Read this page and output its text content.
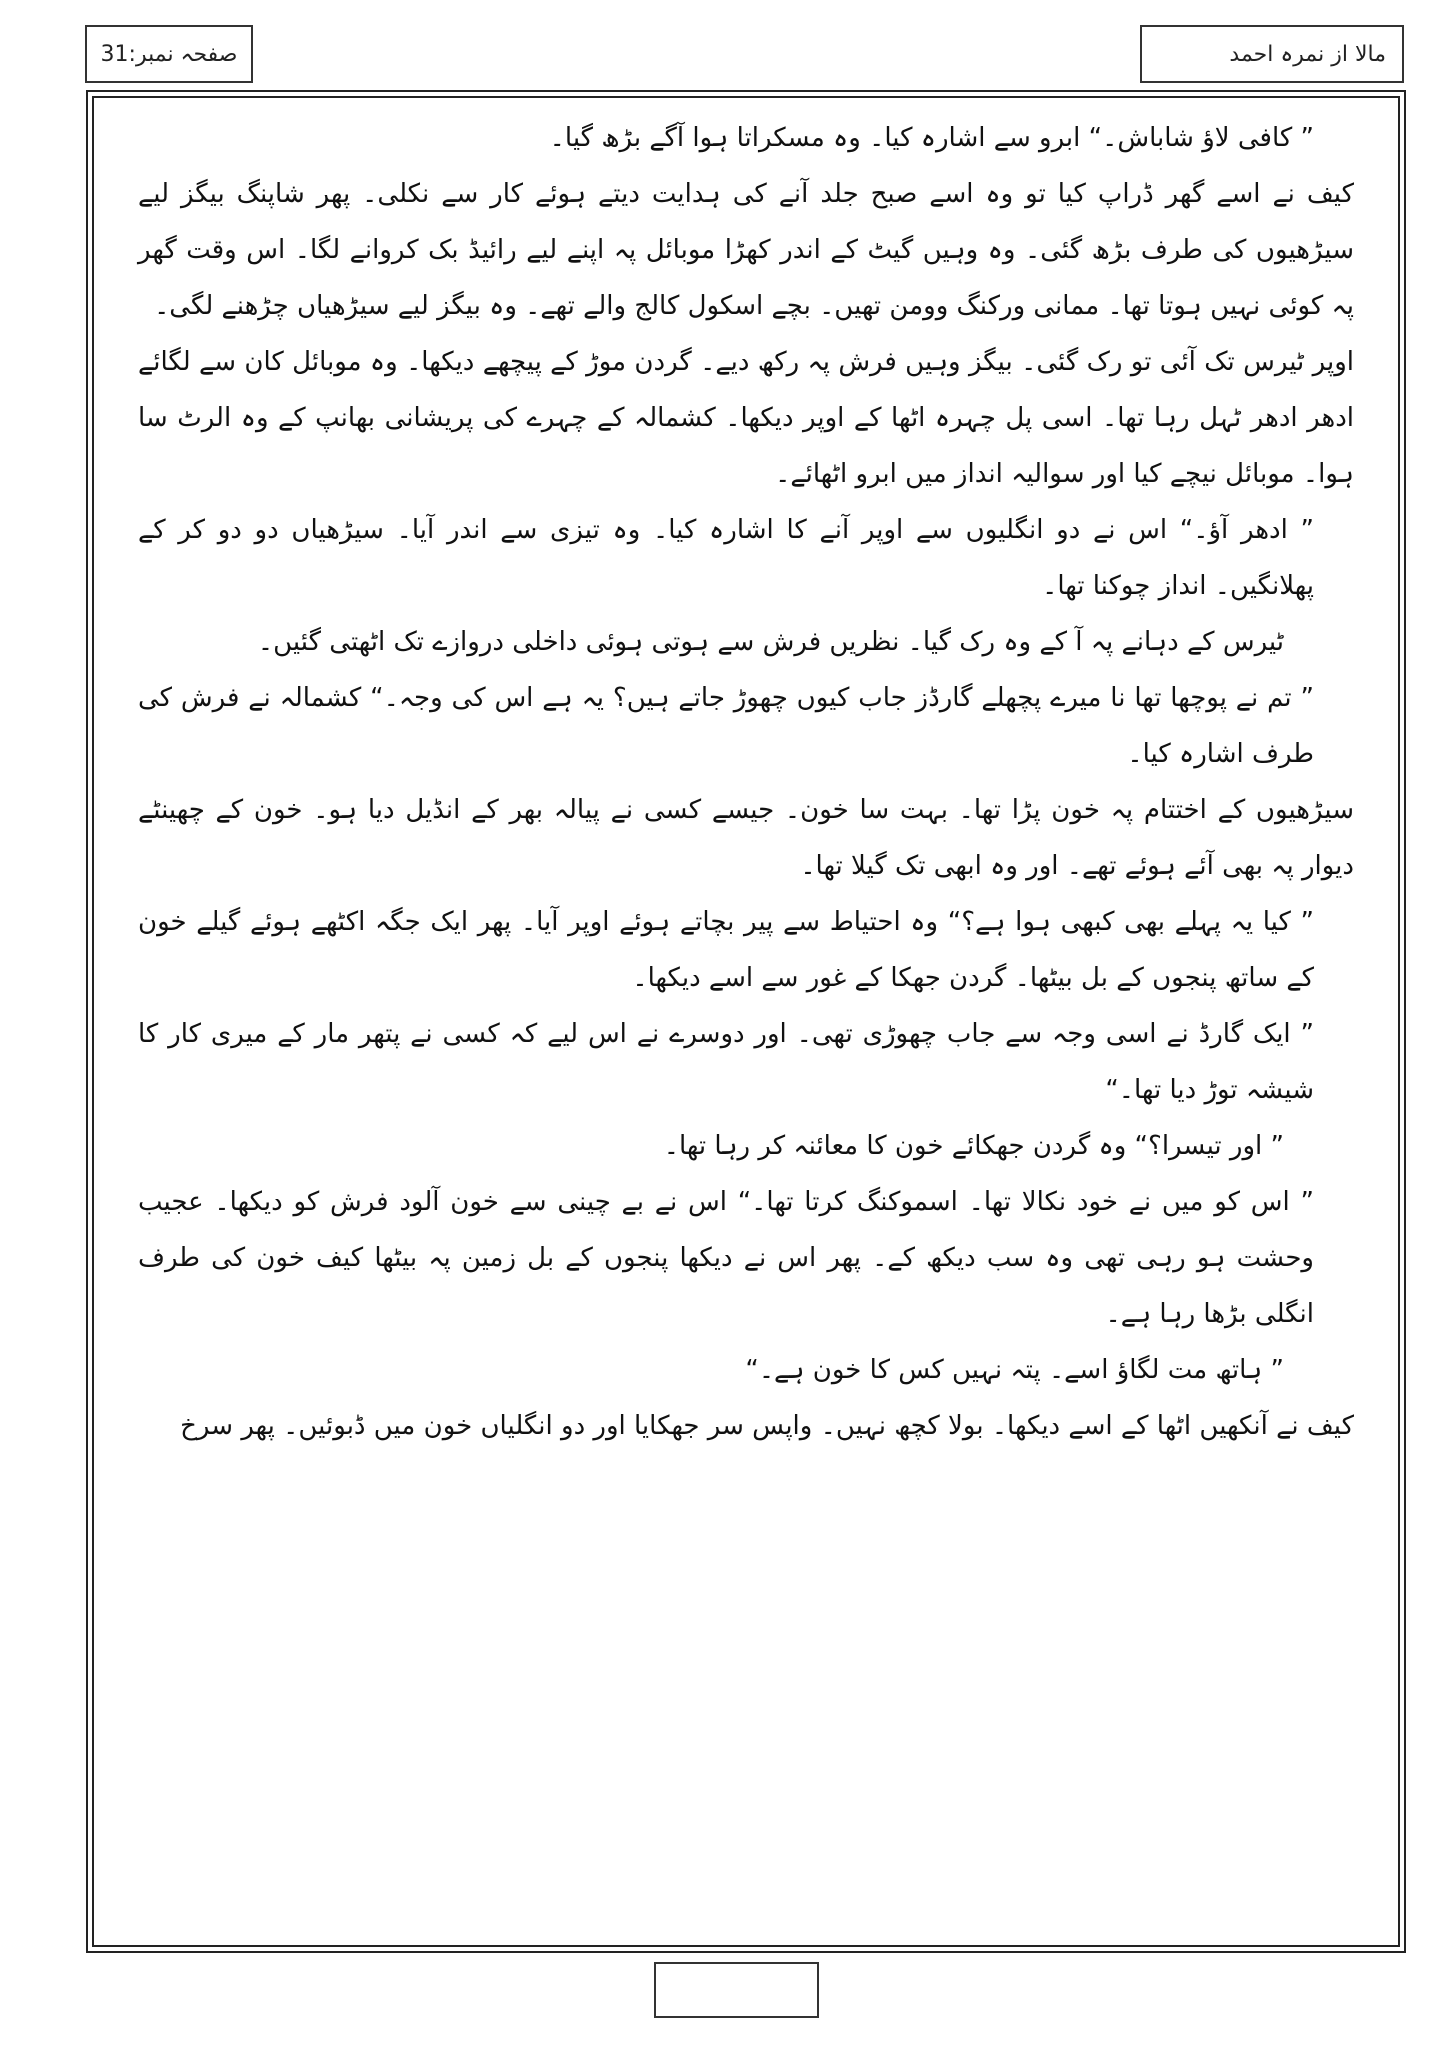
صفحہ نمبر:31	مالا از نمرہ احمد

” کافی لاؤ شاباش۔“ ابرو سے اشارہ کیا۔ وہ مسکراتا ہوا آگے بڑھ گیا۔

کیف نے اسے گھر ڈراپ کیا تو وہ اسے صبح جلد آنے کی ہدایت دیتے ہوئے کار سے نکلی۔ پھر شاپنگ بیگز لیے سیڑھیوں کی طرف بڑھ گئی۔ وہ وہیں گیٹ کے اندر کھڑا موبائل پہ اپنے لیے رائیڈ بک کروانے لگا۔ اس وقت گھر پہ کوئی نہیں ہوتا تھا۔ ممانی ورکنگ وومن تھیں۔ بچے اسکول کالج والے تھے۔ وہ بیگز لیے سیڑھیاں چڑھنے لگی۔

اوپر ٹیرس تک آئی تو رک گئی۔ بیگز وہیں فرش پہ رکھ دیے۔ گردن موڑ کے پیچھے دیکھا۔ وہ موبائل کان سے لگائے ادھر ادھر ٹہل رہا تھا۔ اسی پل چہرہ اٹھا کے اوپر دیکھا۔ کشمالہ کے چہرے کی پریشانی بھانپ کے وہ الرٹ سا ہوا۔ موبائل نیچے کیا اور سوالیہ انداز میں ابرو اٹھائے۔

” ادھر آؤ۔“ اس نے دو انگلیوں سے اوپر آنے کا اشارہ کیا۔ وہ تیزی سے اندر آیا۔ سیڑھیاں دو دو کر کے پھلانگیں۔ انداز چوکنا تھا۔

ٹیرس کے دہانے پہ آ کے وہ رک گیا۔ نظریں فرش سے ہوتی ہوئی داخلی دروازے تک اٹھتی گئیں۔

” تم نے پوچھا تھا نا میرے پچھلے گارڈز جاب کیوں چھوڑ جاتے ہیں؟ یہ ہے اس کی وجہ۔“ کشمالہ نے فرش کی طرف اشارہ کیا۔

سیڑھیوں کے اختتام پہ خون پڑا تھا۔ بہت سا خون۔ جیسے کسی نے پیالہ بھر کے انڈیل دیا ہو۔ خون کے چھینٹے دیوار پہ بھی آئے ہوئے تھے۔ اور وہ ابھی تک گیلا تھا۔

” کیا یہ پہلے بھی کبھی ہوا ہے؟“ وہ احتیاط سے پیر بچاتے ہوئے اوپر آیا۔ پھر ایک جگہ اکٹھے ہوئے گیلے خون کے ساتھ پنجوں کے بل بیٹھا۔ گردن جھکا کے غور سے اسے دیکھا۔

” ایک گارڈ نے اسی وجہ سے جاب چھوڑی تھی۔ اور دوسرے نے اس لیے کہ کسی نے پتھر مار کے میری کار کا شیشہ توڑ دیا تھا۔“

” اور تیسرا؟“ وہ گردن جھکائے خون کا معائنہ کر رہا تھا۔

” اس کو میں نے خود نکالا تھا۔ اسموکنگ کرتا تھا۔“ اس نے بے چینی سے خون آلود فرش کو دیکھا۔ عجیب وحشت ہو رہی تھی وہ سب دیکھ کے۔ پھر اس نے دیکھا پنجوں کے بل زمین پہ بیٹھا کیف خون کی طرف انگلی بڑھا رہا ہے۔

” ہاتھ مت لگاؤ اسے۔ پتہ نہیں کس کا خون ہے۔“

کیف نے آنکھیں اٹھا کے اسے دیکھا۔ بولا کچھ نہیں۔ واپس سر جھکایا اور دو انگلیاں خون میں ڈبوئیں۔ پھر سرخ
